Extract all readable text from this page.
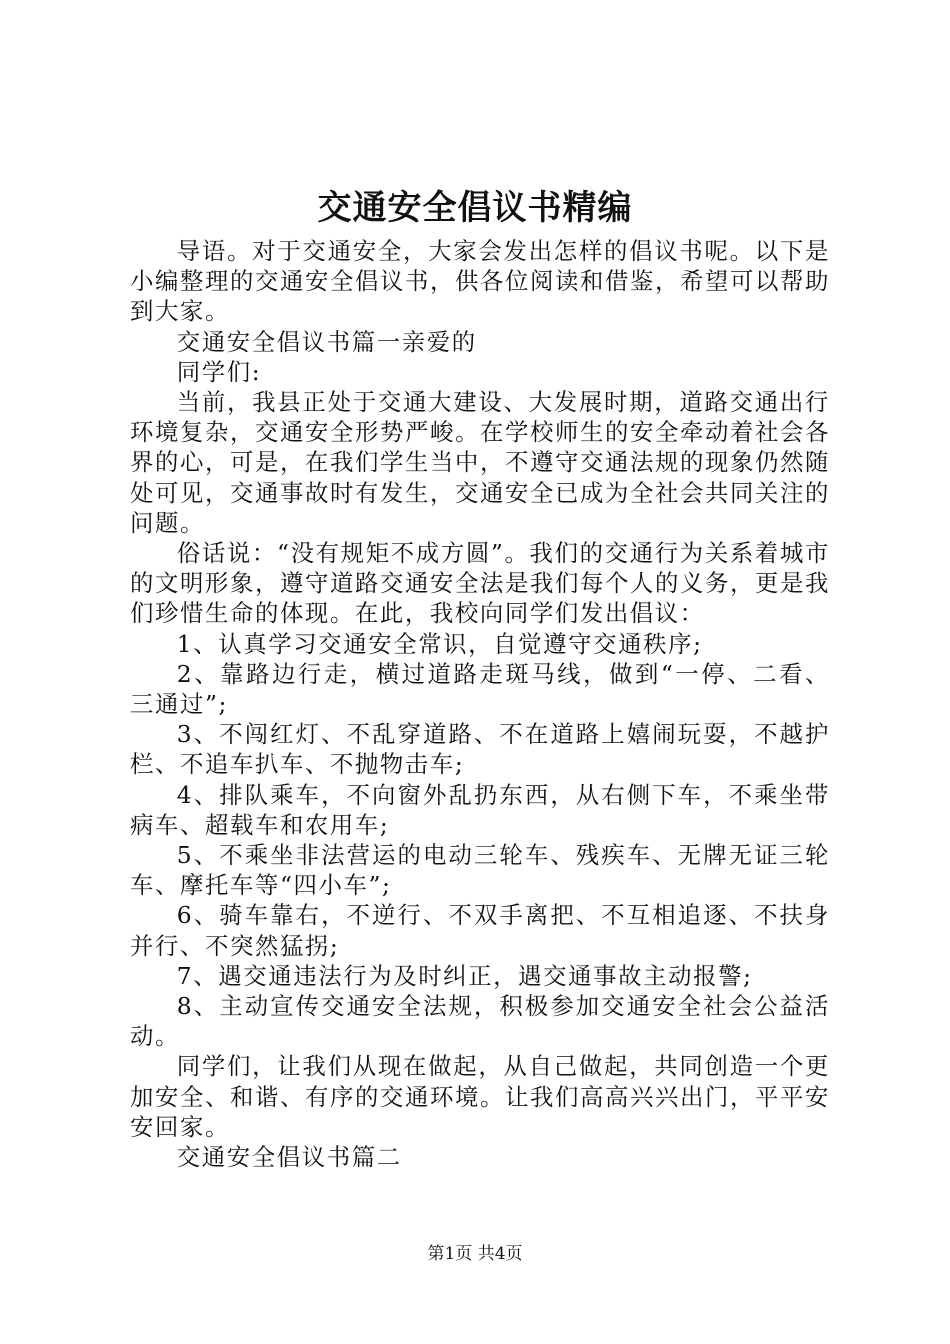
交通安全倡议书精编

导语。对于交通安全，大家会发出怎样的倡议书呢。以下是小编整理的交通安全倡议书，供各位阅读和借鉴，希望可以帮助到大家。

交通安全倡议书篇一亲爱的

同学们:

当前，我县正处于交通大建设、大发展时期，道路交通出行环境复杂，交通安全形势严峻。在学校师生的安全牵动着社会各界的心，可是，在我们学生当中，不遵守交通法规的现象仍然随处可见，交通事故时有发生，交通安全已成为全社会共同关注的问题。

俗话说：“没有规矩不成方圆”。我们的交通行为关系着城市的文明形象，遵守道路交通安全法是我们每个人的义务，更是我们珍惜生命的体现。在此，我校向同学们发出倡议：

1、认真学习交通安全常识，自觉遵守交通秩序;

2、靠路边行走，横过道路走斑马线，做到“一停、二看、三通过”;

3、不闯红灯、不乱穿道路、不在道路上嬉闹玩耍，不越护栏、不追车扒车、不抛物击车;

4、排队乘车，不向窗外乱扔东西，从右侧下车，不乘坐带病车、超载车和农用车;

5、不乘坐非法营运的电动三轮车、残疾车、无牌无证三轮车、摩托车等“四小车”;

6、骑车靠右，不逆行、不双手离把、不互相追逐、不扶身并行、不突然猛拐;

7、遇交通违法行为及时纠正，遇交通事故主动报警;

8、主动宣传交通安全法规，积极参加交通安全社会公益活动。

同学们，让我们从现在做起，从自己做起，共同创造一个更加安全、和谐、有序的交通环境。让我们高高兴兴出门，平平安安回家。

交通安全倡议书篇二

第1页 共4页
